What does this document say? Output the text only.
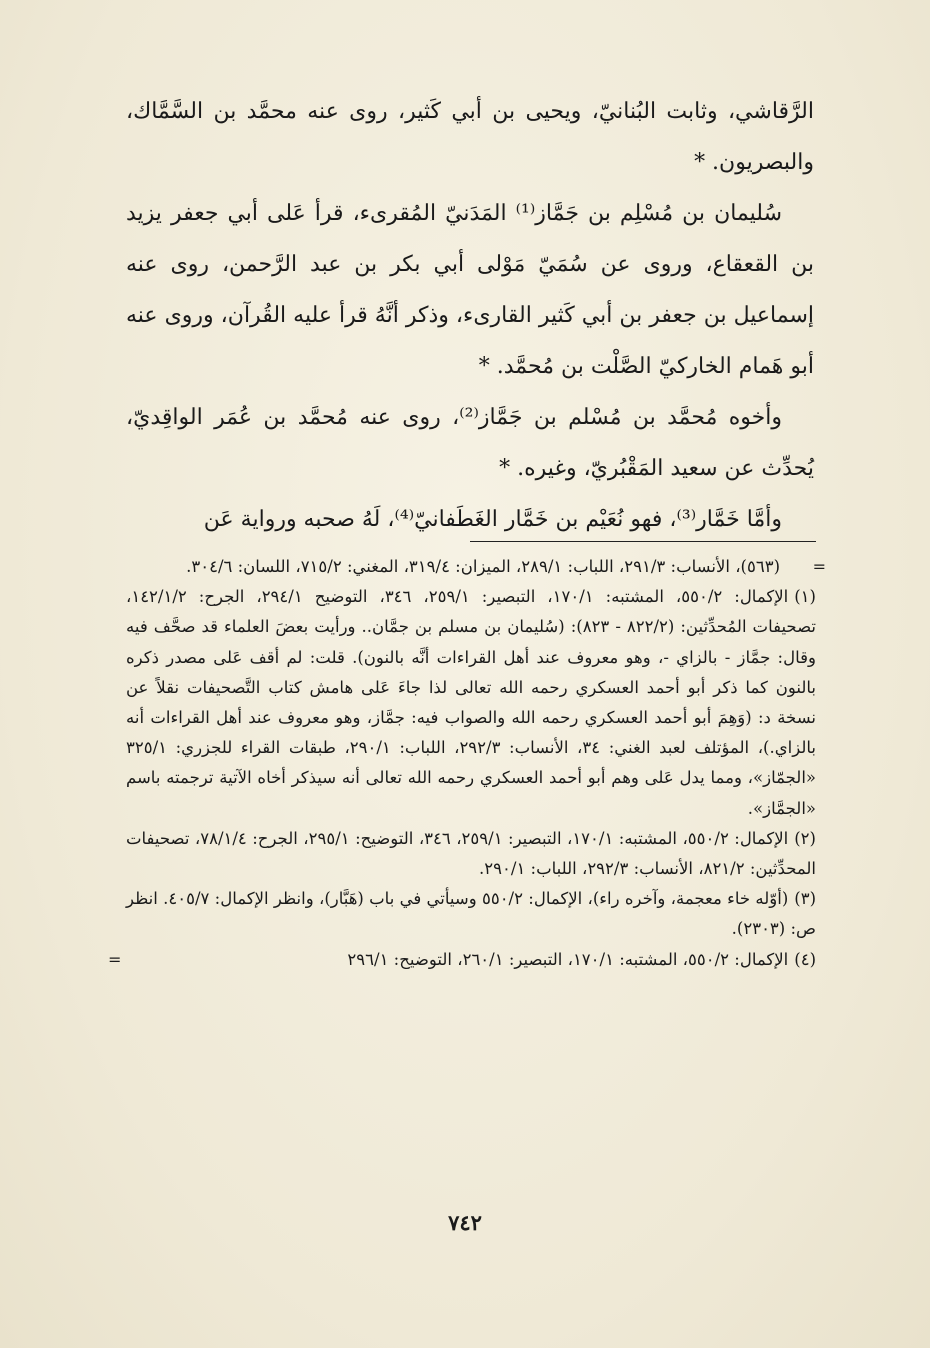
الرَّقاشي، وثابت البُنانيّ، ويحيى بن أبي كَثير، روى عنه محمَّد بن السَّمَّاك، والبصريون. *

سُليمان بن مُسْلِم بن جَمَّاز⁽¹⁾ المَدَنيّ المُقرىء، قرأ عَلى أبي جعفر يزيد بن القعقاع، وروى عن سُمَيّ مَوْلى أبي بكر بن عبد الرَّحمن، روى عنه إسماعيل بن جعفر بن أبي كَثير القارىء، وذكر أنَّهُ قرأ عليه القُرآن، وروى عنه أبو هَمام الخاركيّ الصَّلْت بن مُحمَّد. *

وأخوه مُحمَّد بن مُسْلم بن جَمَّاز⁽²⁾، روى عنه مُحمَّد بن عُمَر الواقِديّ، يُحدِّث عن سعيد المَقْبُريّ، وغيره. *

وأمَّا خَمَّار⁽³⁾، فهو نُعَيْم بن خَمَّار الغَطَفانيّ⁽⁴⁾، لَهُ صحبه ورواية عَن

=
(٥٦٣)، الأنساب: ٢٩١/٣، اللباب: ٢٨٩/١، الميزان: ٣١٩/٤، المغني: ٧١٥/٢، اللسان: ٣٠٤/٦.
(١)الإكمال: ٥٥٠/٢، المشتبه: ١٧٠/١، التبصير: ٢٥٩/١، ٣٤٦، التوضيح ٢٩٤/١، الجرح: ١٤٢/١/٢، تصحيفات المُحدِّثين: (٨٢٢/٢ - ٨٢٣): (سُليمان بن مسلم بن جمَّان.. ورأيت بعضَ العلماء قد صحَّف فيه وقال: جمَّاز - بالزاي -، وهو معروف عند أهل القراءات أنَّه بالنون). قلت: لم أقف عَلى مصدر ذكره بالنون كما ذكر أبو أحمد العسكري رحمه الله تعالى لذا جاءَ عَلى هامش كتاب التَّصحيفات نقلاً عن نسخة د: (وَهِمَ أبو أحمد العسكري رحمه الله والصواب فيه: جمَّاز، وهو معروف عند أهل القراءات أنه بالزاي.)، المؤتلف لعبد الغني: ٣٤، الأنساب: ٢٩٢/٣، اللباب: ٢٩٠/١، طبقات القراء للجزري: ٣٢٥/١ «الجمّاز»، ومما يدل عَلى وهم أبو أحمد العسكري رحمه الله تعالى أنه سيذكر أخاه الآتية ترجمته باسم «الجمَّاز».
(٢)الإكمال: ٥٥٠/٢، المشتبه: ١٧٠/١، التبصير: ٢٥٩/١، ٣٤٦، التوضيح: ٢٩٥/١، الجرح: ٧٨/١/٤، تصحيفات المحدِّثين: ٨٢١/٢، الأنساب: ٢٩٢/٣، اللباب: ٢٩٠/١.
(٣)(أوّله خاء معجمة، وآخره راء)، الإكمال: ٥٥٠/٢ وسيأتي في باب (هَبَّار)، وانظر الإكمال: ٤٠٥/٧. انظر ص: (٢٣٠٣).
(٤)الإكمال: ٥٥٠/٢، المشتبه: ١٧٠/١، التبصير: ٢٦٠/١، التوضيح: ٢٩٦/١
=
٧٤٢
